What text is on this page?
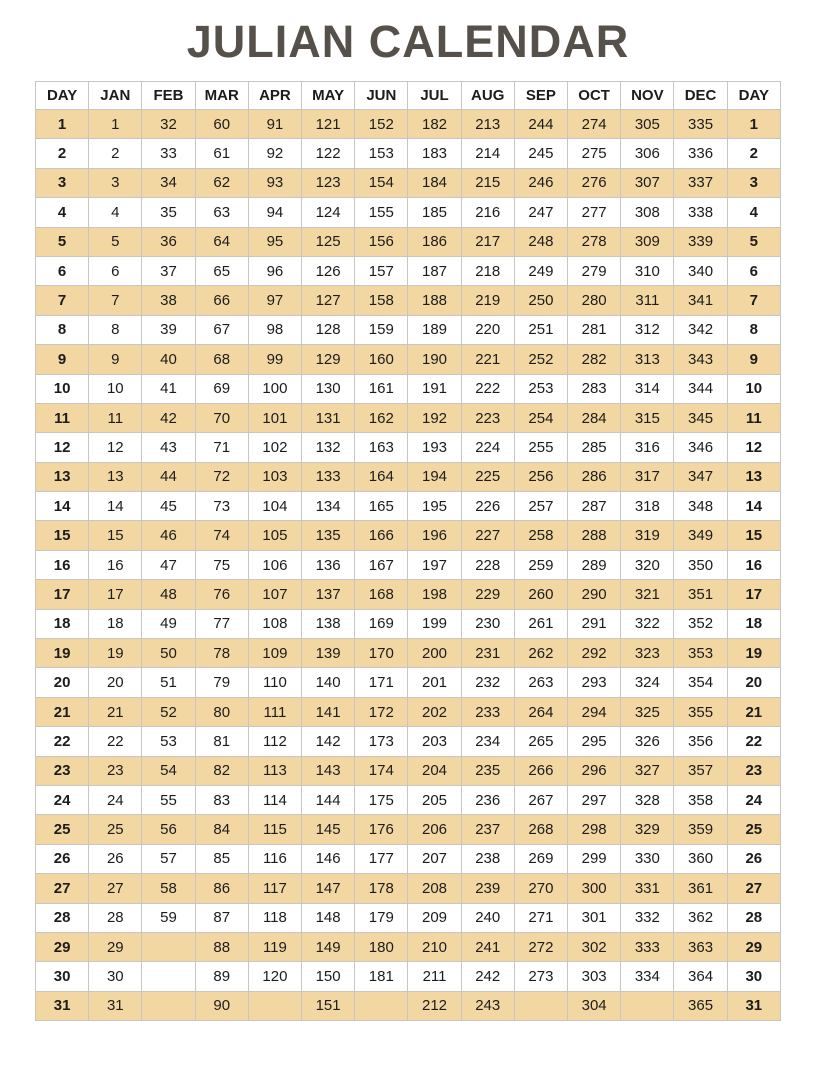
JULIAN CALENDAR
DAY	JAN	FEB	MAR	APR	MAY	JUN	JUL	AUG	SEP	OCT	NOV	DEC	DAY
1	1	32	60	91	121	152	182	213	244	274	305	335	1
2	2	33	61	92	122	153	183	214	245	275	306	336	2
3	3	34	62	93	123	154	184	215	246	276	307	337	3
4	4	35	63	94	124	155	185	216	247	277	308	338	4
5	5	36	64	95	125	156	186	217	248	278	309	339	5
6	6	37	65	96	126	157	187	218	249	279	310	340	6
7	7	38	66	97	127	158	188	219	250	280	311	341	7
8	8	39	67	98	128	159	189	220	251	281	312	342	8
9	9	40	68	99	129	160	190	221	252	282	313	343	9
10	10	41	69	100	130	161	191	222	253	283	314	344	10
11	11	42	70	101	131	162	192	223	254	284	315	345	11
12	12	43	71	102	132	163	193	224	255	285	316	346	12
13	13	44	72	103	133	164	194	225	256	286	317	347	13
14	14	45	73	104	134	165	195	226	257	287	318	348	14
15	15	46	74	105	135	166	196	227	258	288	319	349	15
16	16	47	75	106	136	167	197	228	259	289	320	350	16
17	17	48	76	107	137	168	198	229	260	290	321	351	17
18	18	49	77	108	138	169	199	230	261	291	322	352	18
19	19	50	78	109	139	170	200	231	262	292	323	353	19
20	20	51	79	110	140	171	201	232	263	293	324	354	20
21	21	52	80	111	141	172	202	233	264	294	325	355	21
22	22	53	81	112	142	173	203	234	265	295	326	356	22
23	23	54	82	113	143	174	204	235	266	296	327	357	23
24	24	55	83	114	144	175	205	236	267	297	328	358	24
25	25	56	84	115	145	176	206	237	268	298	329	359	25
26	26	57	85	116	146	177	207	238	269	299	330	360	26
27	27	58	86	117	147	178	208	239	270	300	331	361	27
28	28	59	87	118	148	179	209	240	271	301	332	362	28
29	29		88	119	149	180	210	241	272	302	333	363	29
30	30		89	120	150	181	211	242	273	303	334	364	30
31	31		90		151		212	243		304		365	31
